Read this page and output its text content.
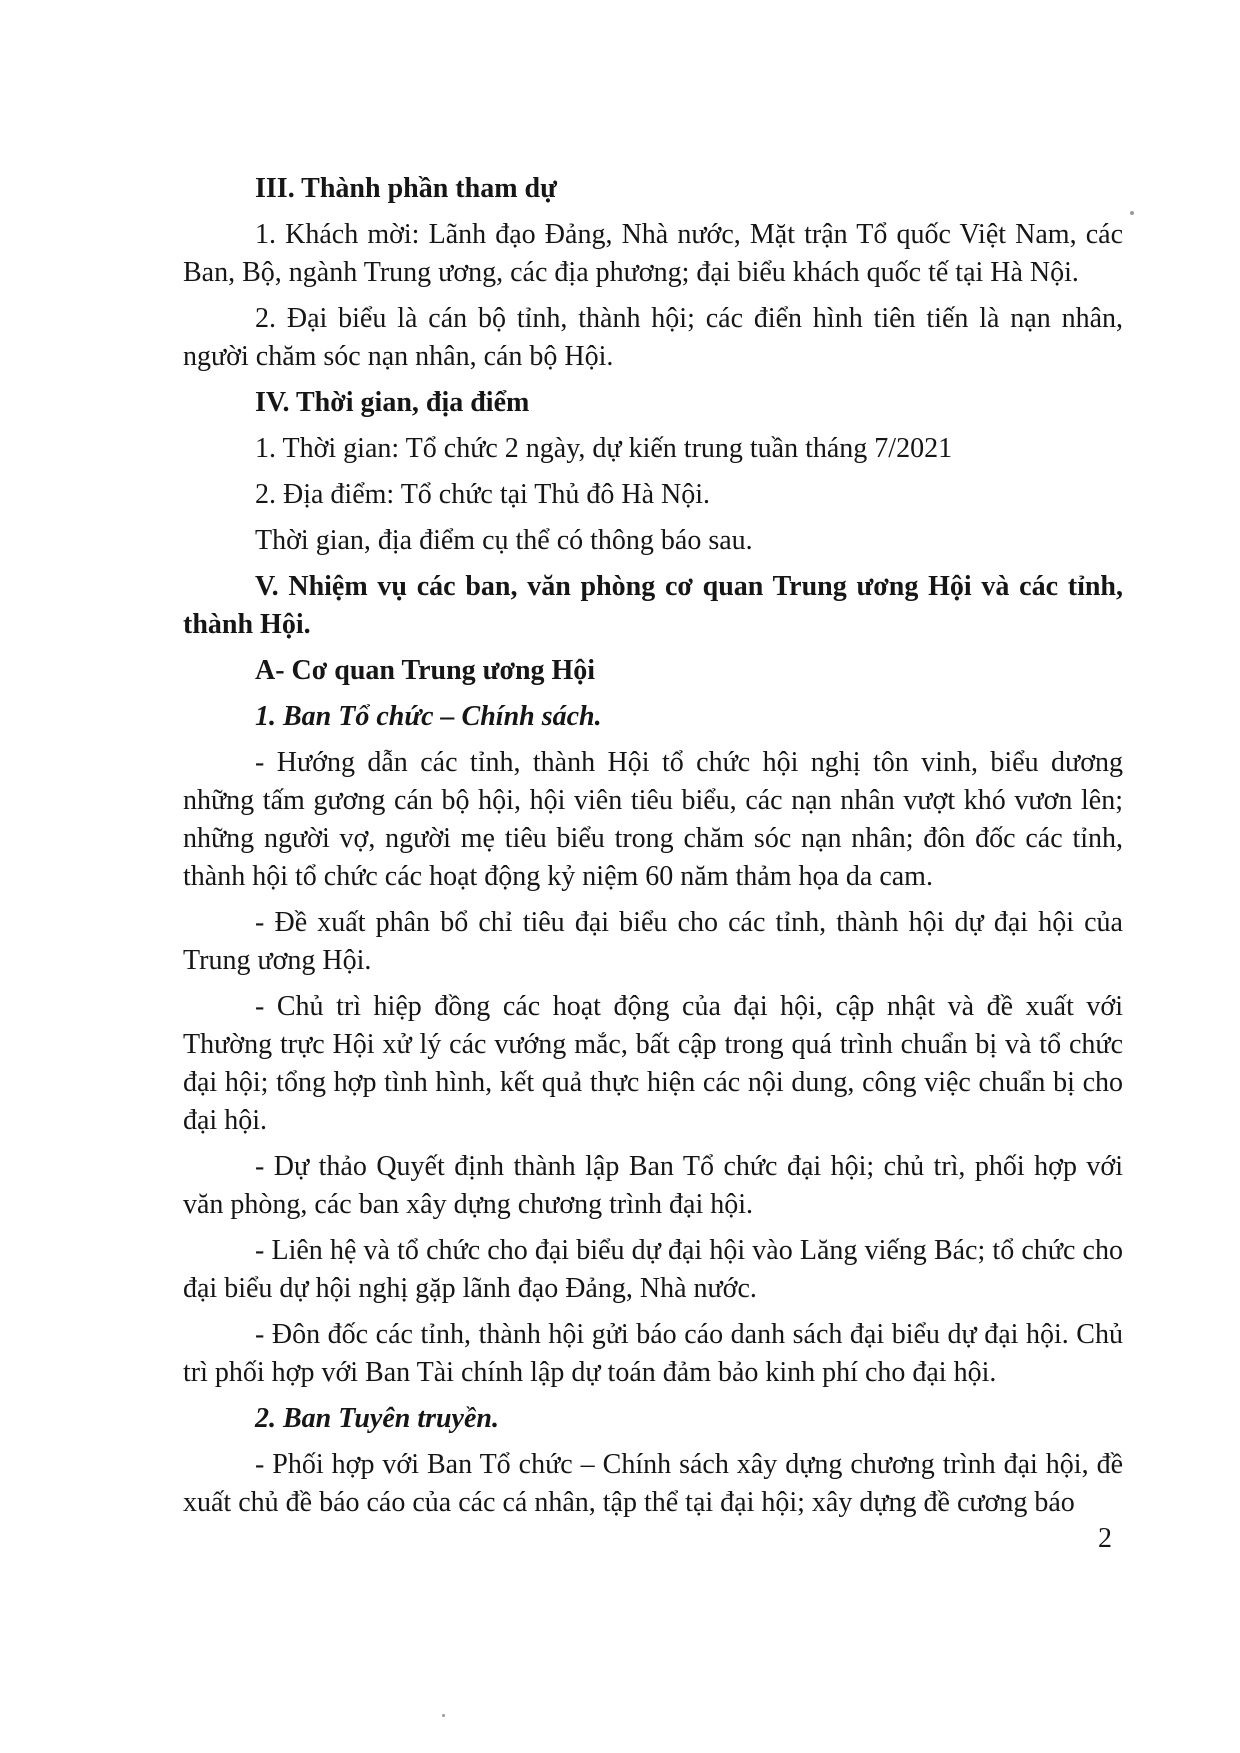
III. Thành phần tham dự

1. Khách mời: Lãnh đạo Đảng, Nhà nước, Mặt trận Tổ quốc Việt Nam, các Ban, Bộ, ngành Trung ương, các địa phương; đại biểu khách quốc tế tại Hà Nội.

2. Đại biểu là cán bộ tỉnh, thành hội; các điển hình tiên tiến là nạn nhân, người chăm sóc nạn nhân, cán bộ Hội.

IV. Thời gian, địa điểm

1. Thời gian: Tổ chức 2 ngày, dự kiến trung tuần tháng 7/2021

2. Địa điểm: Tổ chức tại Thủ đô Hà Nội.

Thời gian, địa điểm cụ thể có thông báo sau.

V. Nhiệm vụ các ban, văn phòng cơ quan Trung ương Hội và các tỉnh, thành Hội.

A- Cơ quan Trung ương Hội

1. Ban Tổ chức – Chính sách.

- Hướng dẫn các tỉnh, thành Hội tổ chức hội nghị tôn vinh, biểu dương những tấm gương cán bộ hội, hội viên tiêu biểu, các nạn nhân vượt khó vươn lên; những người vợ, người mẹ tiêu biểu trong chăm sóc nạn nhân; đôn đốc các tỉnh, thành hội tổ chức các hoạt động kỷ niệm 60 năm thảm họa da cam.

- Đề xuất phân bổ chỉ tiêu đại biểu cho các tỉnh, thành hội dự đại hội của Trung ương Hội.

- Chủ trì hiệp đồng các hoạt động của đại hội, cập nhật và đề xuất với Thường trực Hội xử lý các vướng mắc, bất cập trong quá trình chuẩn bị và tổ chức đại hội; tổng hợp tình hình, kết quả thực hiện các nội dung, công việc chuẩn bị cho đại hội.

- Dự thảo Quyết định thành lập Ban Tổ chức đại hội; chủ trì, phối hợp với văn phòng, các ban xây dựng chương trình đại hội.

- Liên hệ và tổ chức cho đại biểu dự đại hội vào Lăng viếng Bác; tổ chức cho đại biểu dự hội nghị gặp lãnh đạo Đảng, Nhà nước.

- Đôn đốc các tỉnh, thành hội gửi báo cáo danh sách đại biểu dự đại hội. Chủ trì phối hợp với Ban Tài chính lập dự toán đảm bảo kinh phí cho đại hội.

2. Ban Tuyên truyền.

- Phối hợp với Ban Tổ chức – Chính sách xây dựng chương trình đại hội, đề xuất chủ đề báo cáo của các cá nhân, tập thể tại đại hội; xây dựng đề cương báo

2
